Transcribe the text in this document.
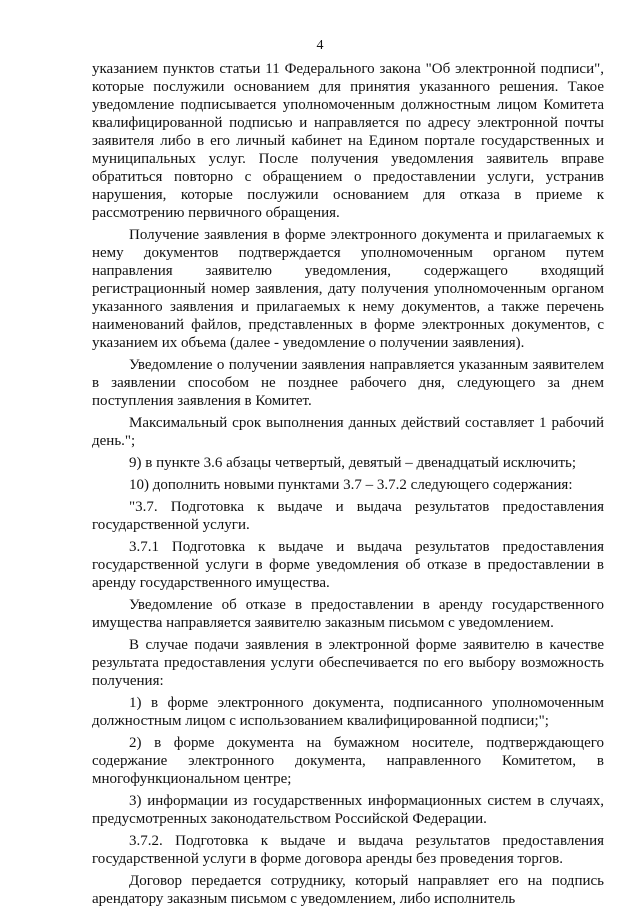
4

указанием пунктов статьи 11 Федерального закона "Об электронной подписи", которые послужили основанием для принятия указанного решения. Такое уведомление подписывается уполномоченным должностным лицом Комитета квалифицированной подписью и направляется по адресу электронной почты заявителя либо в его личный кабинет на Едином портале государственных и муниципальных услуг. После получения уведомления заявитель вправе обратиться повторно с обращением о предоставлении услуги, устранив нарушения, которые послужили основанием для отказа в приеме к рассмотрению первичного обращения.

Получение заявления в форме электронного документа и прилагаемых к нему документов подтверждается уполномоченным органом путем направления заявителю уведомления, содержащего входящий регистрационный номер заявления, дату получения уполномоченным органом указанного заявления и прилагаемых к нему документов, а также перечень наименований файлов, представленных в форме электронных документов, с указанием их объема (далее - уведомление о получении заявления).

Уведомление о получении заявления направляется указанным заявителем в заявлении способом не позднее рабочего дня, следующего за днем поступления заявления в Комитет.

Максимальный срок выполнения данных действий составляет 1 рабочий день.";

9) в пункте 3.6 абзацы четвертый, девятый – двенадцатый исключить;

10) дополнить новыми пунктами 3.7 – 3.7.2 следующего содержания:

"3.7. Подготовка к выдаче и выдача результатов предоставления государственной услуги.

3.7.1 Подготовка к выдаче и выдача результатов предоставления государственной услуги в форме уведомления об отказе в предоставлении в аренду государственного имущества.

Уведомление об отказе в предоставлении в аренду государственного имущества направляется заявителю заказным письмом с уведомлением.

В случае подачи заявления в электронной форме заявителю в качестве результата предоставления услуги обеспечивается по его выбору возможность получения:

1) в форме электронного документа, подписанного уполномоченным должностным лицом с использованием квалифицированной подписи;";

2) в форме документа на бумажном носителе, подтверждающего содержание электронного документа, направленного Комитетом, в многофункциональном центре;

3) информации из государственных информационных систем в случаях, предусмотренных законодательством Российской Федерации.

3.7.2. Подготовка к выдаче и выдача результатов предоставления государственной услуги в форме договора аренды без проведения торгов.

Договор передается сотруднику, который направляет его на подпись арендатору заказным письмом с уведомлением, либо исполнитель
